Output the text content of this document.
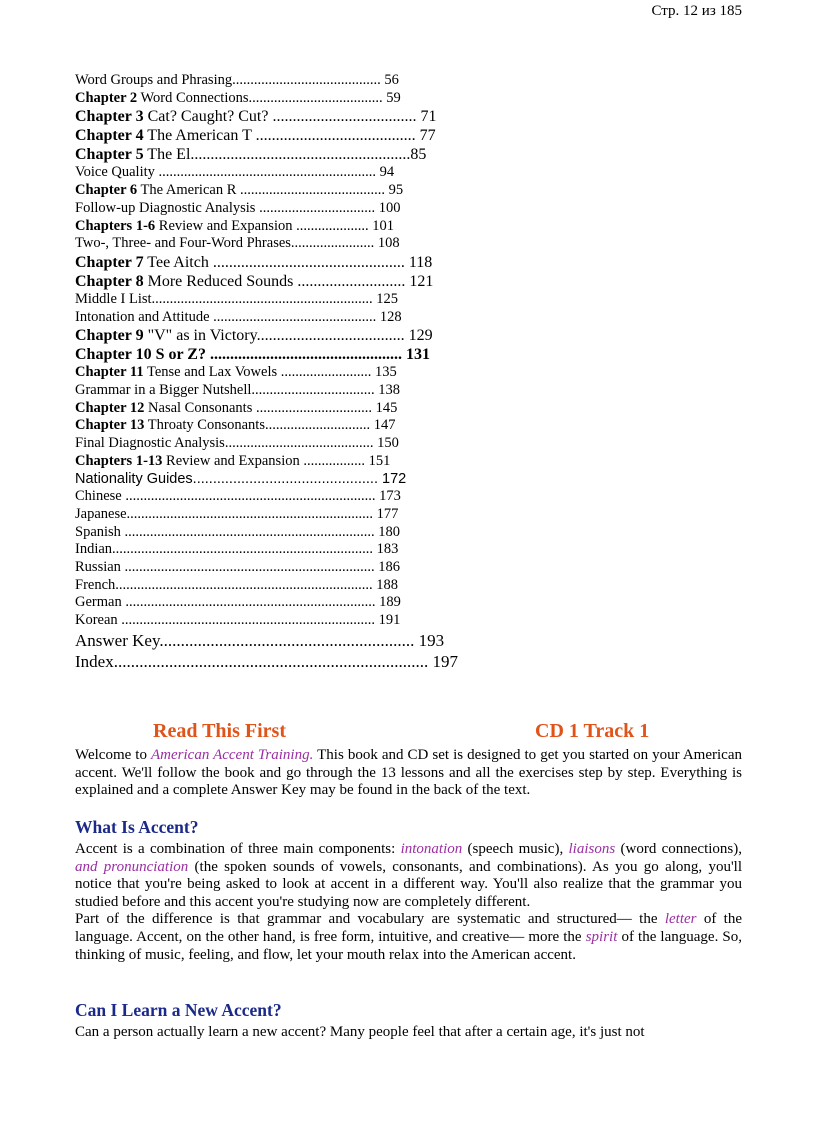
Стр. 12 из 185
Word Groups and Phrasing......................................... 56
Chapter 2 Word Connections..................................... 59
Chapter 3 Cat? Caught? Cut? .................................... 71
Chapter 4 The American T ........................................ 77
Chapter 5 The El.......................................................85
Voice Quality ............................................................ 94
Chapter 6 The American R ........................................ 95
Follow-up Diagnostic Analysis ................................ 100
Chapters 1-6 Review and Expansion .................... 101
Two-, Three- and Four-Word Phrases....................... 108
Chapter 7 Tee Aitch ................................................ 118
Chapter 8 More Reduced Sounds ........................... 121
Middle I List............................................................. 125
Intonation and Attitude ............................................. 128
Chapter 9 "V" as in Victory..................................... 129
Chapter 10 S or Z? ................................................ 131
Chapter 11 Tense and Lax Vowels ......................... 135
Grammar in a Bigger Nutshell.................................. 138
Chapter 12 Nasal Consonants ................................ 145
Chapter 13 Throaty Consonants............................. 147
Final Diagnostic Analysis......................................... 150
Chapters 1-13 Review and Expansion ................. 151
Nationality Guides.............................................. 172
Chinese ..................................................................... 173
Japanese.................................................................... 177
Spanish ..................................................................... 180
Indian........................................................................ 183
Russian ..................................................................... 186
French....................................................................... 188
German ..................................................................... 189
Korean ...................................................................... 191
Answer Key............................................................ 193
Index.......................................................................... 197
Read This First	CD 1 Track 1
Welcome to American Accent Training. This book and CD set is designed to get you started on your American accent. We'll follow the book and go through the 13 lessons and all the exercises step by step. Everything is explained and a complete Answer Key may be found in the back of the text.
What Is Accent?
Accent is a combination of three main components: intonation (speech music), liaisons (word connections), and pronunciation (the spoken sounds of vowels, consonants, and combinations). As you go along, you'll notice that you're being asked to look at accent in a different way. You'll also realize that the grammar you studied before and this accent you're studying now are completely different.
Part of the difference is that grammar and vocabulary are systematic and structured— the letter of the language. Accent, on the other hand, is free form, intuitive, and creative— more the spirit of the language. So, thinking of music, feeling, and flow, let your mouth relax into the American accent.
Can I Learn a New Accent?
Can a person actually learn a new accent? Many people feel that after a certain age, it's just not
